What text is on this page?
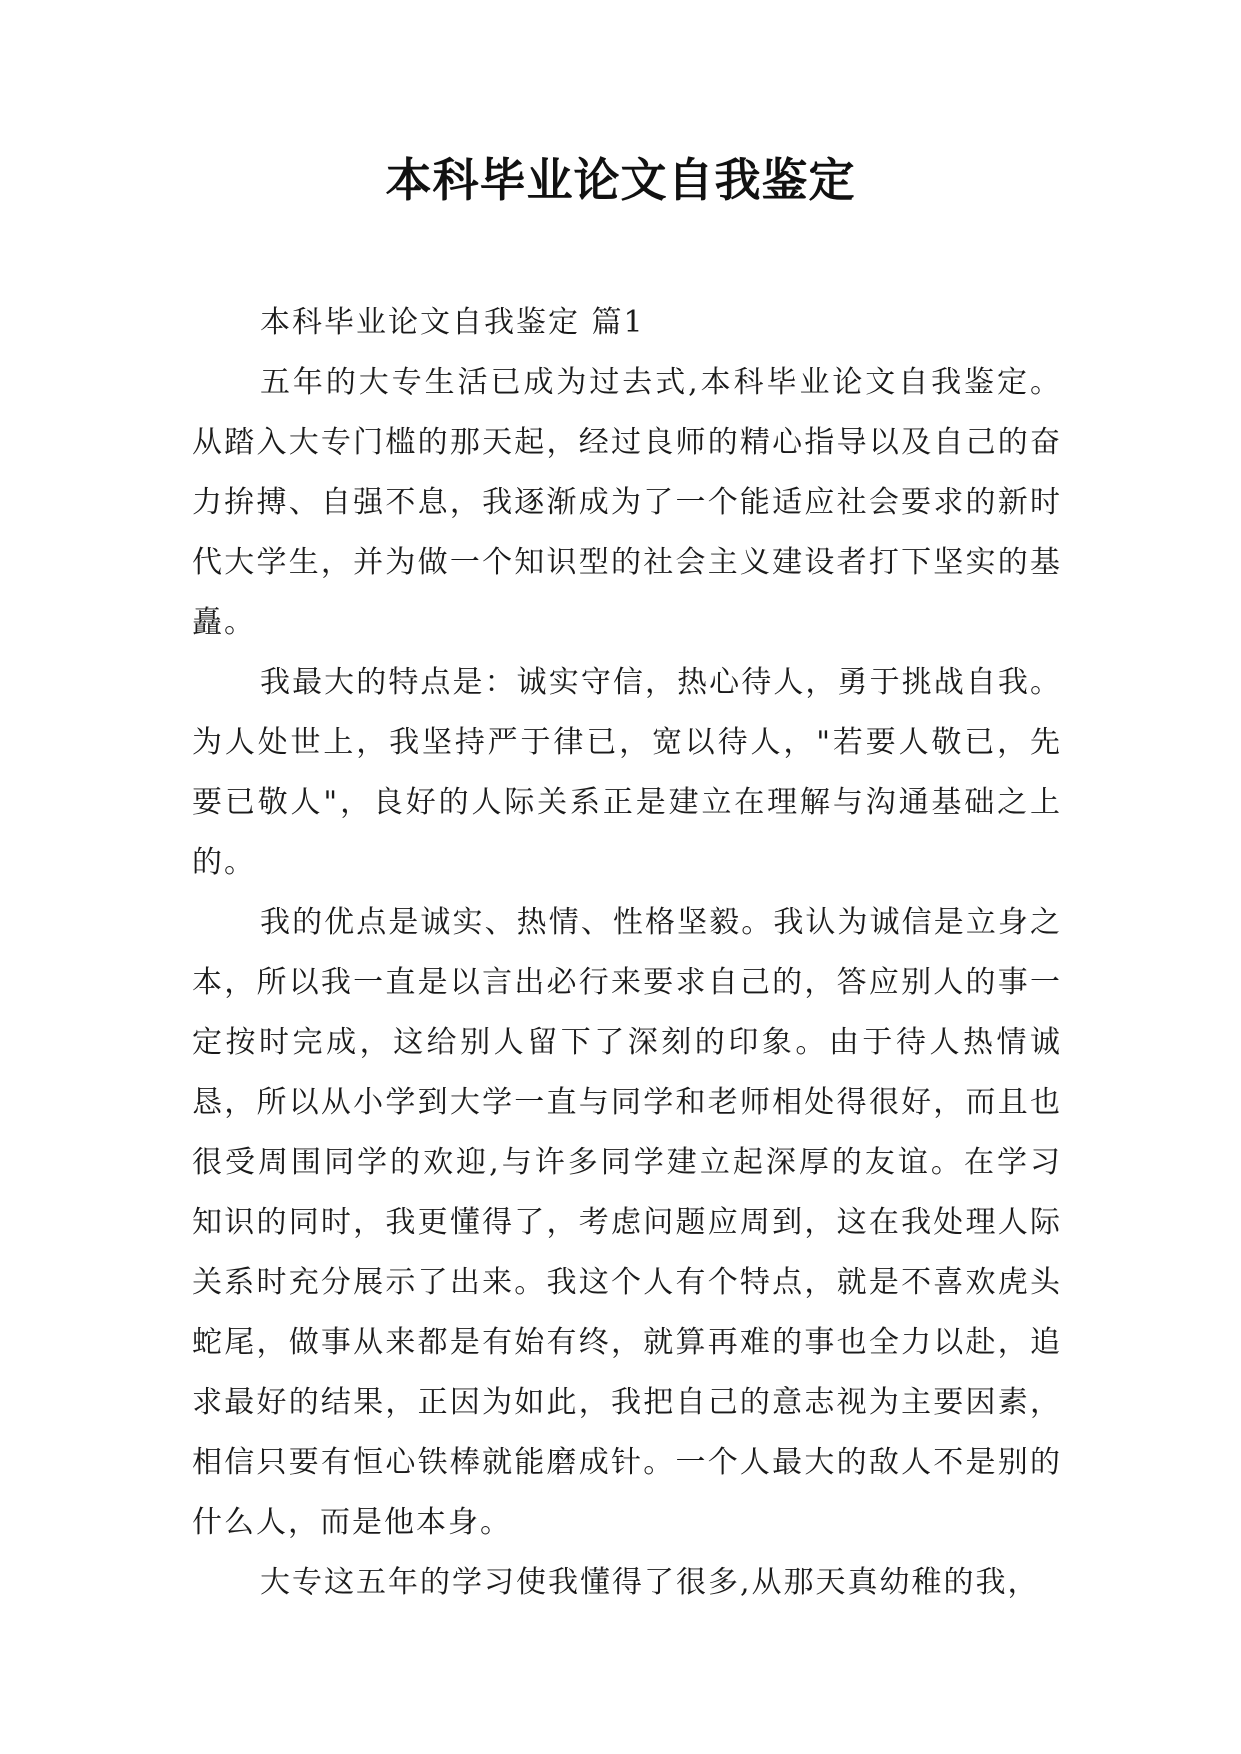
本科毕业论文自我鉴定

本科毕业论文自我鉴定 篇1

五年的大专生活已成为过去式,本科毕业论文自我鉴定。从踏入大专门槛的那天起，经过良师的精心指导以及自己的奋力拚搏、自强不息，我逐渐成为了一个能适应社会要求的新时代大学生，并为做一个知识型的社会主义建设者打下坚实的基矗。

我最大的特点是：诚实守信，热心待人，勇于挑战自我。为人处世上，我坚持严于律已，宽以待人，"若要人敬已，先要已敬人"，良好的人际关系正是建立在理解与沟通基础之上的。

我的优点是诚实、热情、性格坚毅。我认为诚信是立身之本，所以我一直是以言出必行来要求自己的，答应别人的事一定按时完成，这给别人留下了深刻的印象。由于待人热情诚恳，所以从小学到大学一直与同学和老师相处得很好，而且也很受周围同学的欢迎,与许多同学建立起深厚的友谊。在学习知识的同时，我更懂得了，考虑问题应周到，这在我处理人际关系时充分展示了出来。我这个人有个特点，就是不喜欢虎头蛇尾，做事从来都是有始有终，就算再难的事也全力以赴，追求最好的结果，正因为如此，我把自己的意志视为主要因素，相信只要有恒心铁棒就能磨成针。一个人最大的敌人不是别的什么人，而是他本身。

大专这五年的学习使我懂得了很多,从那天真幼稚的我，
